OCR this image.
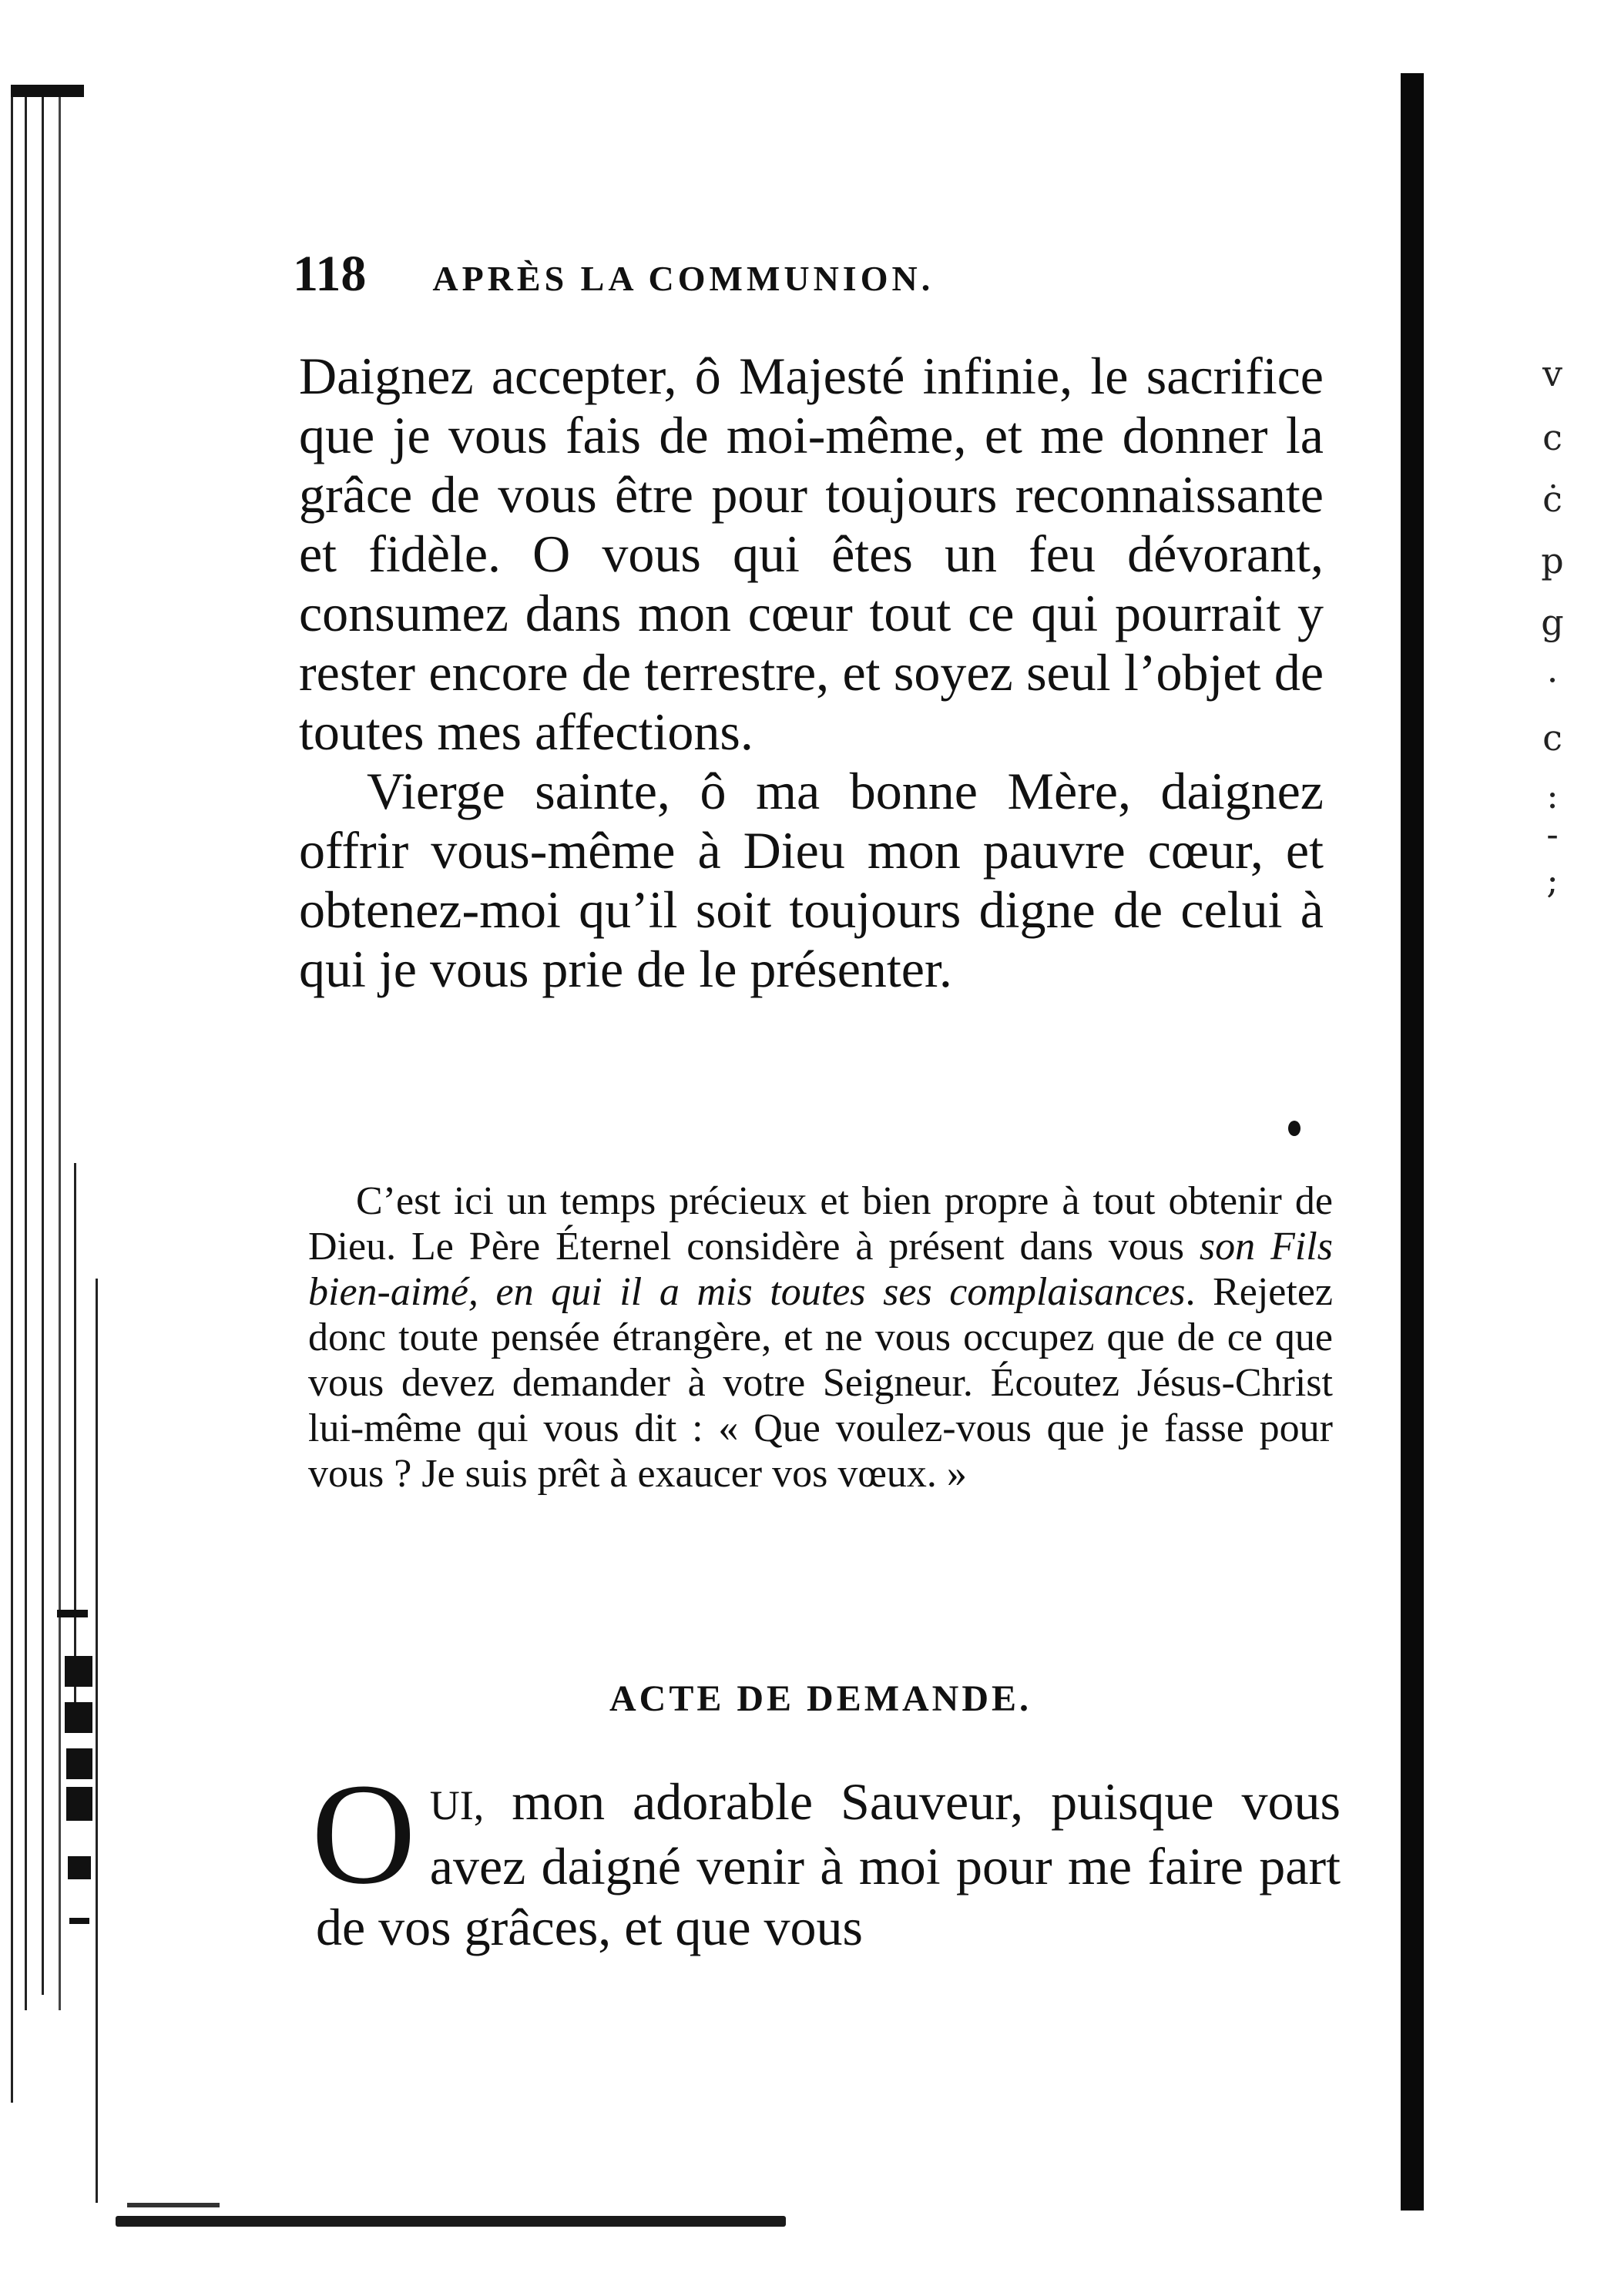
v
c
ċ
p
g
·
c
:
-
;
118 APRÈS LA COMMUNION.

Daignez accepter, ô Majesté infinie, le sacrifice que je vous fais de moi-même, et me donner la grâce de vous être pour toujours reconnaissante et fidèle. O vous qui êtes un feu dévorant, consumez dans mon cœur tout ce qui pourrait y rester encore de terrestre, et soyez seul l’objet de toutes mes affections.

Vierge sainte, ô ma bonne Mère, daignez offrir vous-même à Dieu mon pauvre cœur, et obtenez-moi qu’il soit toujours digne de celui à qui je vous prie de le présenter.

C’est ici un temps précieux et bien propre à tout obtenir de Dieu. Le Père Éternel considère à présent dans vous son Fils bien-aimé, en qui il a mis toutes ses complaisances. Rejetez donc toute pensée étrangère, et ne vous occupez que de ce que vous devez demander à votre Seigneur. Écoutez Jésus-Christ lui-même qui vous dit : « Que voulez-vous que je fasse pour vous ? Je suis prêt à exaucer vos vœux. »

ACTE DE DEMANDE.

OUI, mon adorable Sauveur, puisque vous avez daigné venir à moi pour me faire part de vos grâces, et que vous
